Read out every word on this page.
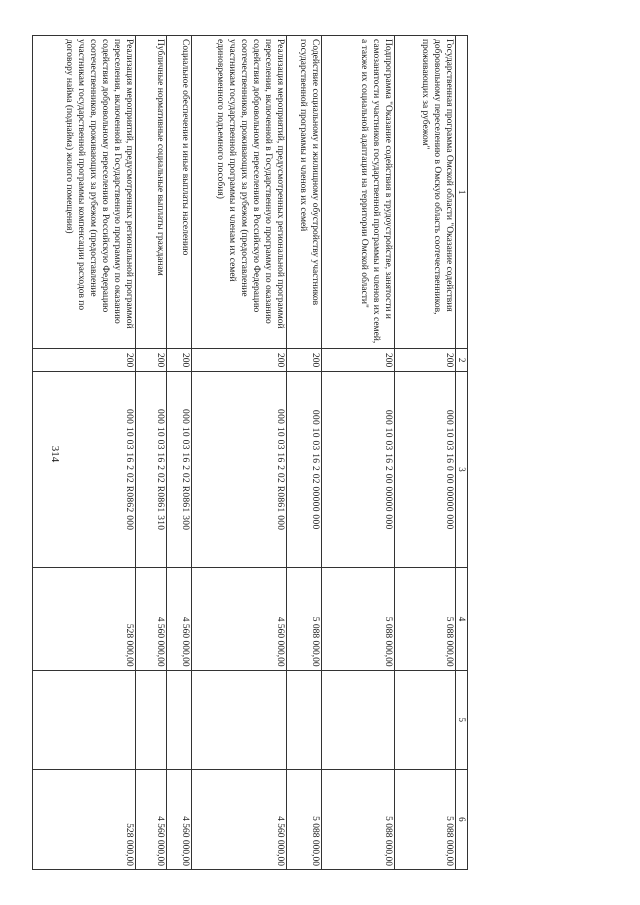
314
1	2	3	4	5	6
Государственная программа Омской области "Оказание содействия добровольному переселению в Омскую область соотечественников, проживающих за рубежом"	200	000 10 03 16 0 00 00000 000	5 088 000,00		5 088 000,00
Подпрограмма "Оказание содействия в трудоустройстве, занятости и самозанятости участников государственной программы и членов их семей, а также их социальной адаптации на территории Омской области"	200	000 10 03 16 2 00 00000 000	5 088 000,00		5 088 000,00
Содействие социальному и жилищному обустройству участников государственной программы и членов их семей	200	000 10 03 16 2 02 00000 000	5 088 000,00		5 088 000,00
Реализация мероприятий, предусмотренных региональной программой переселения, включенной в Государственную программу по оказанию содействия добровольному переселению в Российскую Федерацию соотечественников, проживающих за рубежом (предоставление участникам государственной программы и членам их семей единовременного подъемного пособия)	200	000 10 03 16 2 02 R0861 000	4 560 000,00		4 560 000,00
Социальное обеспечение и иные выплаты населению	200	000 10 03 16 2 02 R0861 300	4 560 000,00		4 560 000,00
Публичные нормативные социальные выплаты гражданам	200	000 10 03 16 2 02 R0861 310	4 560 000,00		4 560 000,00
Реализация мероприятий, предусмотренных региональной программой переселения, включенной в Государственную программу по оказанию содействия добровольному переселению в Российскую Федерацию соотечественников, проживающих за рубежом (предоставление участникам государственной программы компенсации расходов по договору найма (поднайма) жилого помещения)	200	000 10 03 16 2 02 R0862 000	528 000,00		528 000,00
